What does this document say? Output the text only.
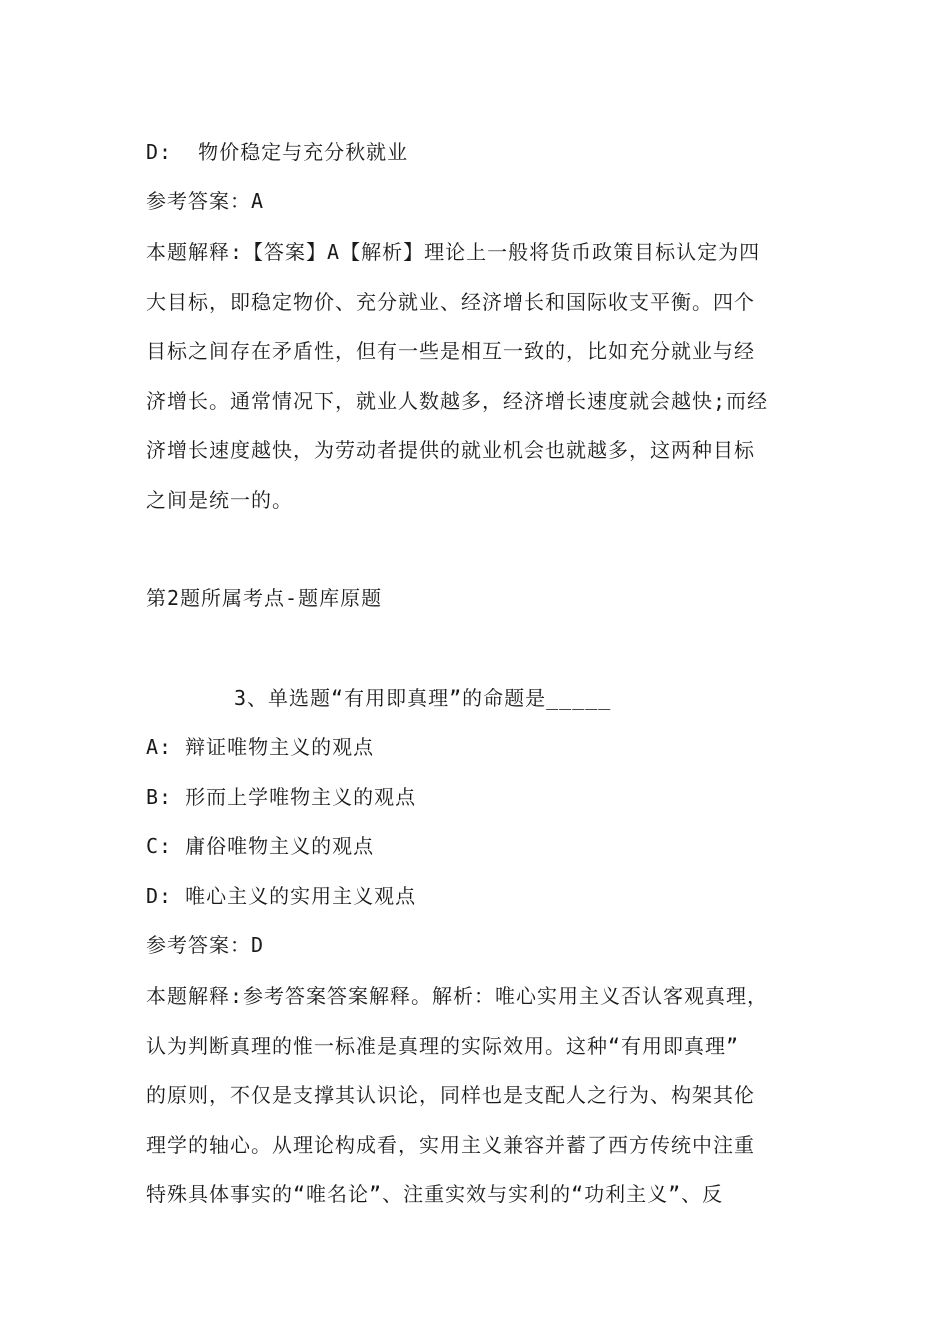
D:  物价稳定与充分秋就业
参考答案：A
本题解释:【答案】A【解析】理论上一般将货币政策目标认定为四
大目标，即稳定物价、充分就业、经济增长和国际收支平衡。四个
目标之间存在矛盾性，但有一些是相互一致的，比如充分就业与经
济增长。通常情况下，就业人数越多，经济增长速度就会越快;而经
济增长速度越快，为劳动者提供的就业机会也就越多，这两种目标
之间是统一的。
第2题所属考点-题库原题
3、单选题“有用即真理”的命题是_____
A: 辩证唯物主义的观点
B: 形而上学唯物主义的观点
C: 庸俗唯物主义的观点
D: 唯心主义的实用主义观点
参考答案：D
本题解释:参考答案答案解释。解析：唯心实用主义否认客观真理，
认为判断真理的惟一标准是真理的实际效用。这种“有用即真理”
的原则，不仅是支撑其认识论，同样也是支配人之行为、构架其伦
理学的轴心。从理论构成看，实用主义兼容并蓄了西方传统中注重
特殊具体事实的“唯名论”、注重实效与实利的“功利主义”、反
